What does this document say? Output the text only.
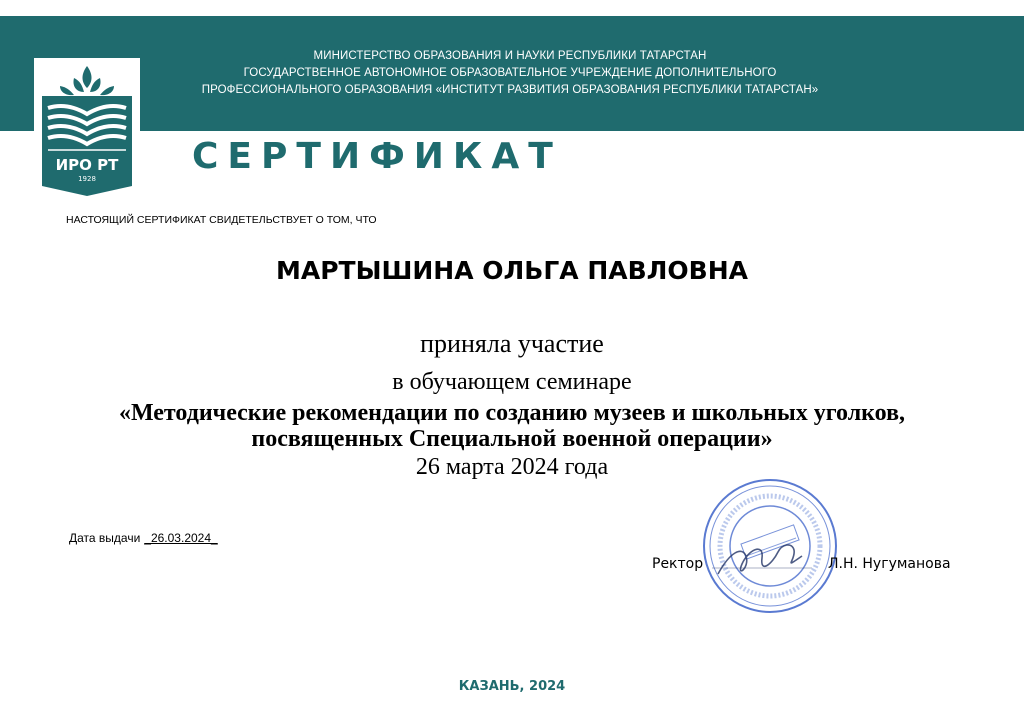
МИНИСТЕРСТВО ОБРАЗОВАНИЯ И НАУКИ РЕСПУБЛИКИ ТАТАРСТАН
ГОСУДАРСТВЕННОЕ АВТОНОМНОЕ ОБРАЗОВАТЕЛЬНОЕ УЧРЕЖДЕНИЕ ДОПОЛНИТЕЛЬНОГО
ПРОФЕССИОНАЛЬНОГО ОБРАЗОВАНИЯ «ИНСТИТУТ РАЗВИТИЯ ОБРАЗОВАНИЯ РЕСПУБЛИКИ ТАТАРСТАН»
ИРО РТ
1928
СЕРТИФИКАТ
НАСТОЯЩИЙ СЕРТИФИКАТ СВИДЕТЕЛЬСТВУЕТ О ТОМ, ЧТО
МАРТЫШИНА ОЛЬГА ПАВЛОВНА
приняла участие
в обучающем семинаре
«Методические рекомендации по созданию музеев и школьных уголков,
посвященных Специальной военной операции»
26 марта 2024 года
Дата выдачи _26.03.2024_
Ректор	Л.Н. Нугуманова
КАЗАНЬ, 2024
